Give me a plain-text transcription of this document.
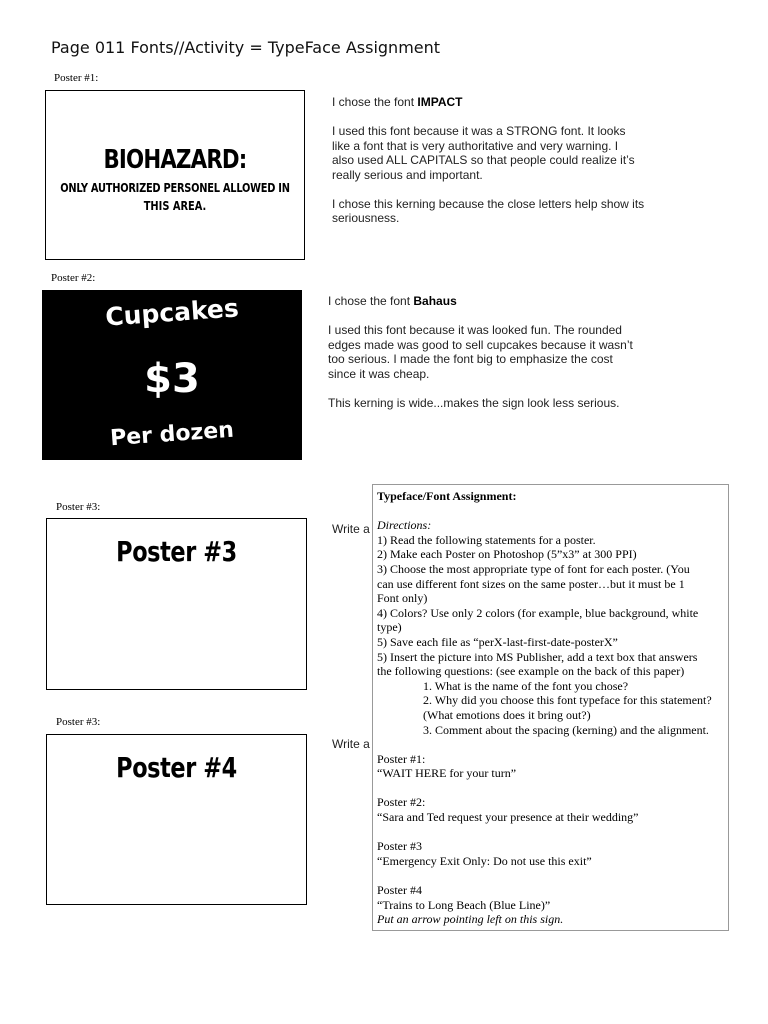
Page 011 Fonts//Activity = TypeFace Assignment
Poster #1:
BIOHAZARD:
ONLY AUTHORIZED PERSONEL ALLOWED IN
THIS AREA.

I chose the font IMPACT

I used this font because it was a STRONG font. It looks
like a font that is very authoritative and very warning. I
also used ALL CAPITALS so that people could realize it’s
really serious and important.

I chose this kerning because the close letters help show its
seriousness.

Poster #2:
Cupcakes
$3
Per dozen

I chose the font Bahaus

I used this font because it was looked fun. The rounded
edges made was good to sell cupcakes because it wasn’t
too serious. I made the font big to emphasize the cost
since it was cheap.

This kerning is wide...makes the sign look less serious.

Poster #3:
Poster #3
Write a
Poster #3:
Poster #4
Write a
Typeface/Font Assignment:
Directions:
1) Read the following statements for a poster.
2) Make each Poster on Photoshop (5”x3” at 300 PPI)
3) Choose the most appropriate type of font for each poster. (You
can use different font sizes on the same poster…but it must be 1
Font only)
4) Colors? Use only 2 colors (for example, blue background, white
type)
5) Save each file as “perX-last-first-date-posterX”
5) Insert the picture into MS Publisher, add a text box that answers
the following questions: (see example on the back of this paper)
1. What is the name of the font you chose?
2. Why did you choose this font typeface for this statement?
(What emotions does it bring out?)
3. Comment about the spacing (kerning) and the alignment.
Poster #1:
“WAIT HERE for your turn”
Poster #2:
“Sara and Ted request your presence at their wedding”
Poster #3
“Emergency Exit Only: Do not use this exit”
Poster #4
“Trains to Long Beach (Blue Line)”
Put an arrow pointing left on this sign.
